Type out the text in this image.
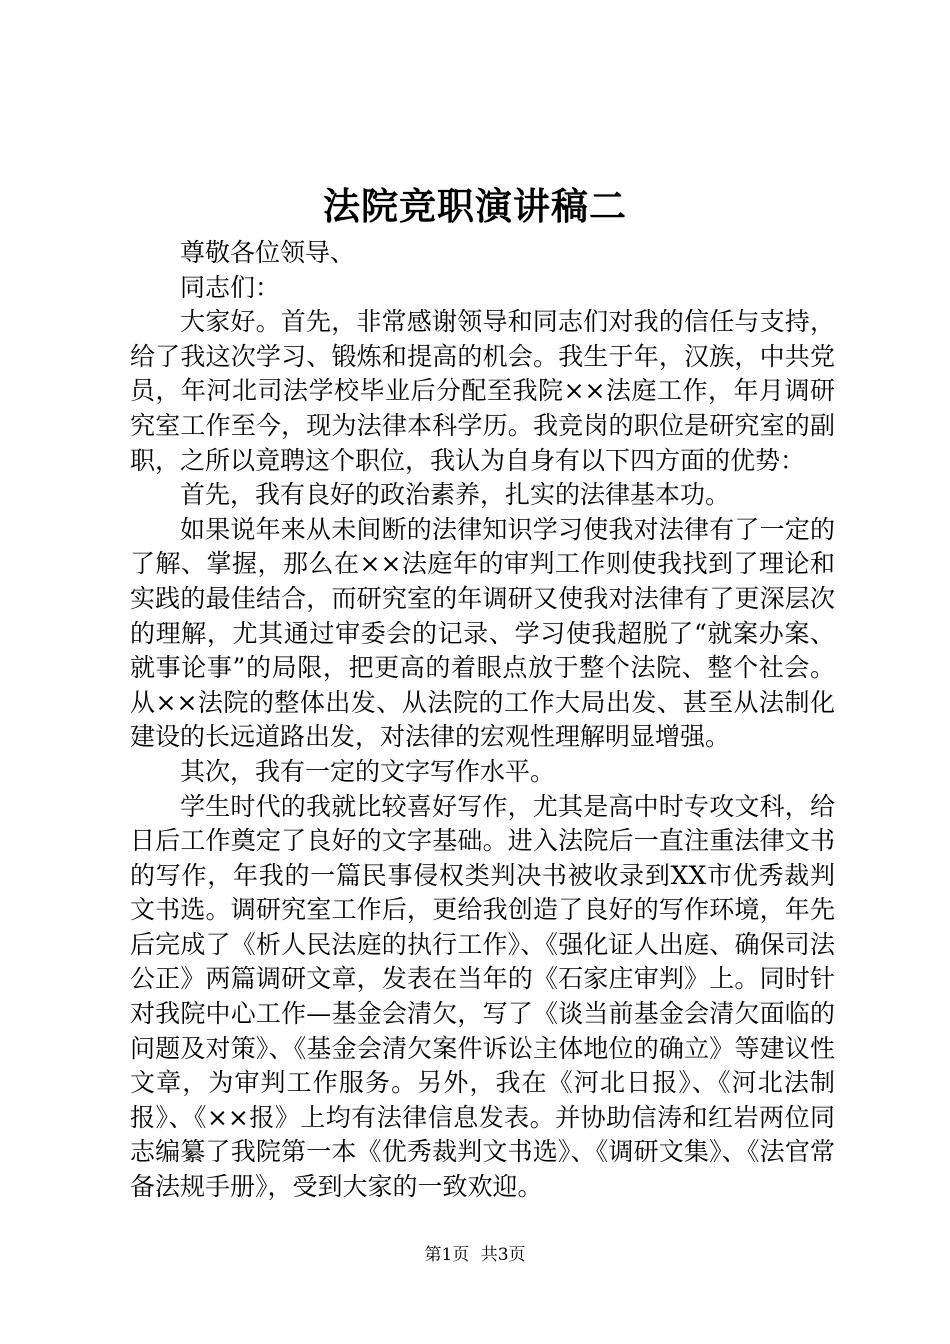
法院竞职演讲稿二

尊敬各位领导、

同志们：

大家好。首先，非常感谢领导和同志们对我的信任与支持，给了我这次学习、锻炼和提高的机会。我生于年，汉族，中共党员，年河北司法学校毕业后分配至我院××法庭工作，年月调研究室工作至今，现为法律本科学历。我竞岗的职位是研究室的副职，之所以竟聘这个职位，我认为自身有以下四方面的优势：

首先，我有良好的政治素养，扎实的法律基本功。

如果说年来从未间断的法律知识学习使我对法律有了一定的了解、掌握，那么在××法庭年的审判工作则使我找到了理论和实践的最佳结合，而研究室的年调研又使我对法律有了更深层次的理解，尤其通过审委会的记录、学习使我超脱了“就案办案、就事论事”的局限，把更高的着眼点放于整个法院、整个社会。从××法院的整体出发、从法院的工作大局出发、甚至从法制化建设的长远道路出发，对法律的宏观性理解明显增强。

其次，我有一定的文字写作水平。

学生时代的我就比较喜好写作，尤其是高中时专攻文科，给日后工作奠定了良好的文字基础。进入法院后一直注重法律文书的写作，年我的一篇民事侵权类判决书被收录到XX市优秀裁判文书选。调研究室工作后，更给我创造了良好的写作环境，年先后完成了《析人民法庭的执行工作》、《强化证人出庭、确保司法公正》两篇调研文章，发表在当年的《石家庄审判》上。同时针对我院中心工作—基金会清欠，写了《谈当前基金会清欠面临的问题及对策》、《基金会清欠案件诉讼主体地位的确立》等建议性文章，为审判工作服务。另外，我在《河北日报》、《河北法制报》、《××报》上均有法律信息发表。并协助信涛和红岩两位同志编纂了我院第一本《优秀裁判文书选》、《调研文集》、《法官常备法规手册》，受到大家的一致欢迎。

第1页 共3页
